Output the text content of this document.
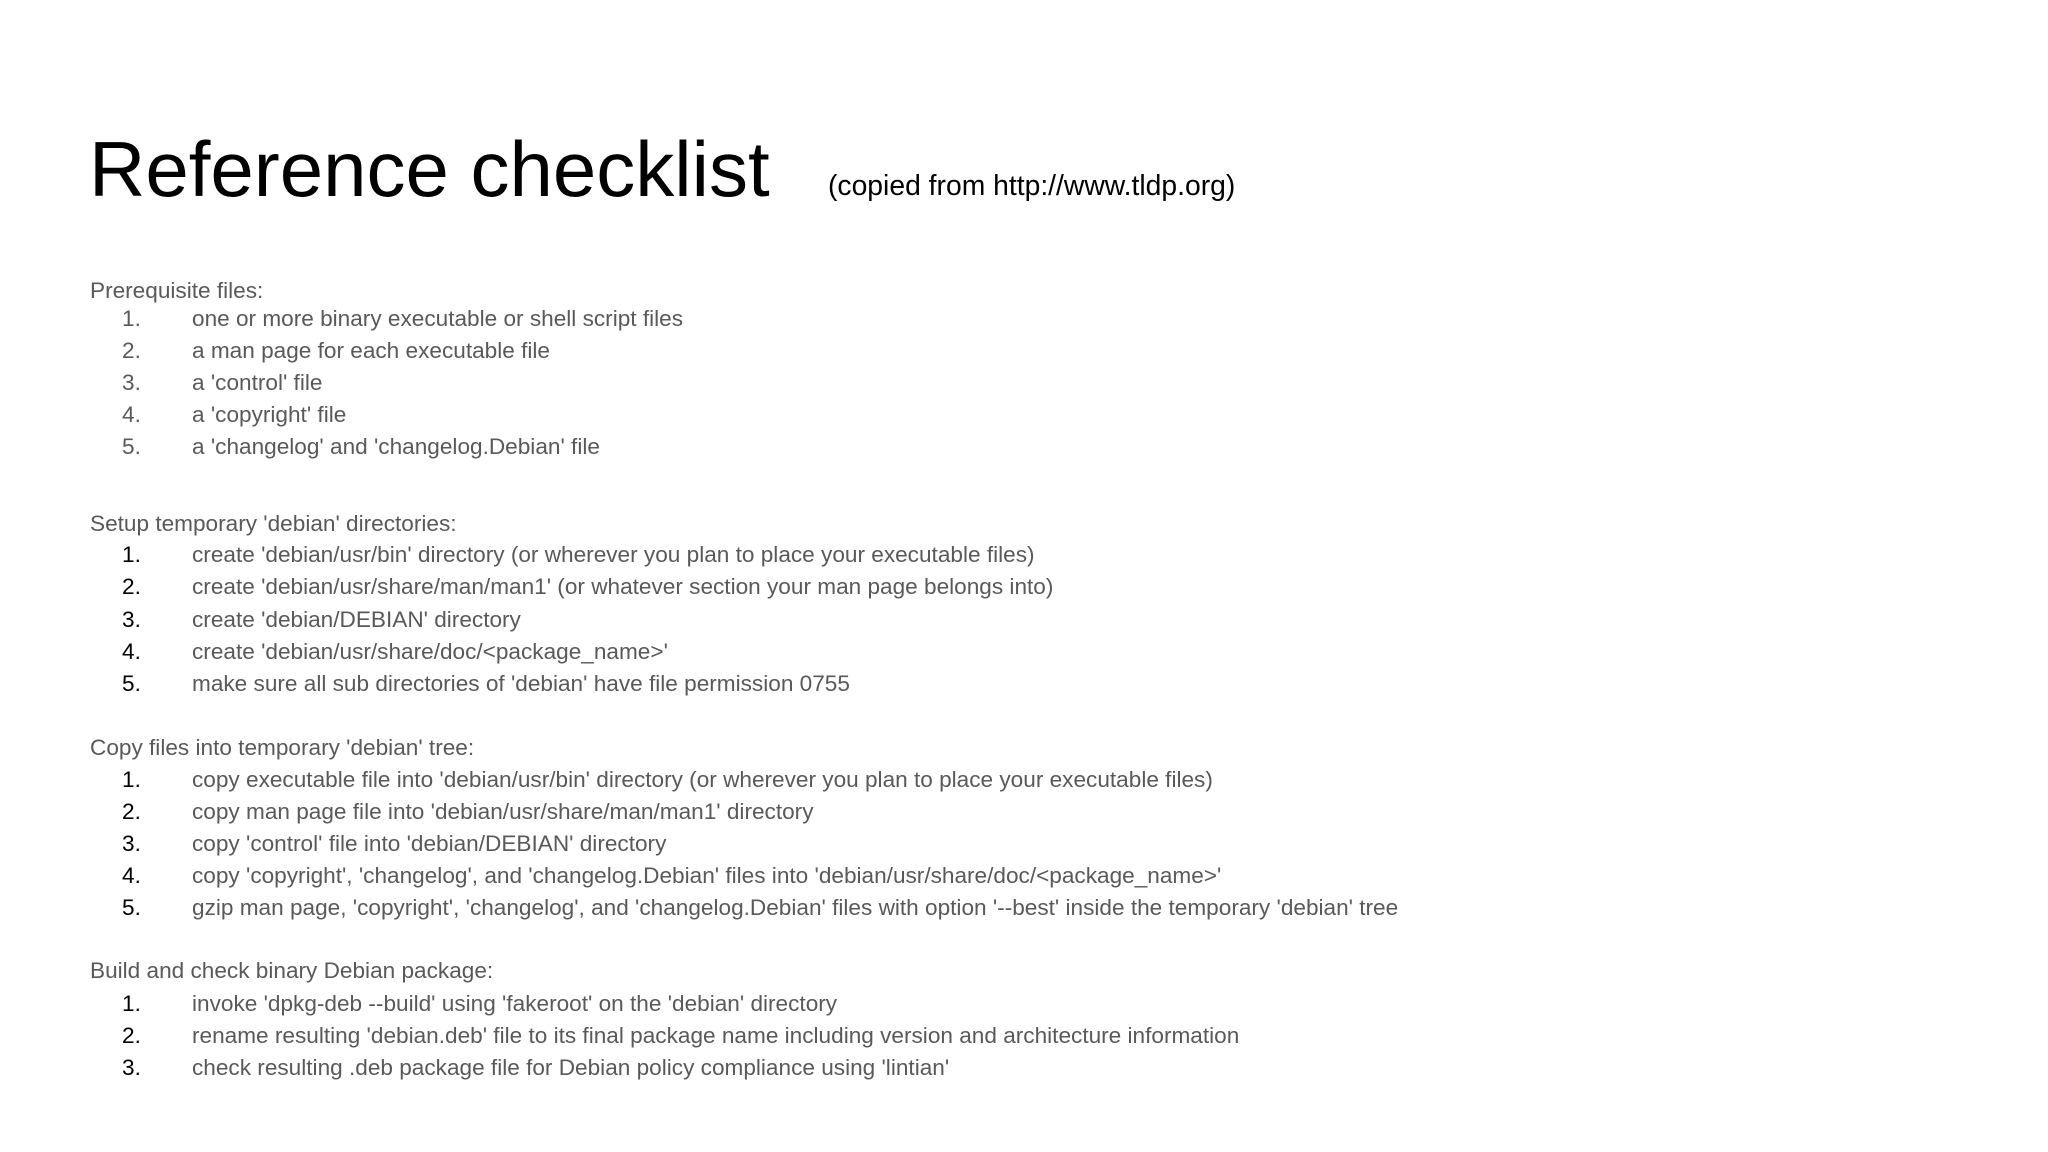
Reference checklist (copied from http://www.tldp.org)
Prerequisite files:
1. one or more binary executable or shell script files
2. a man page for each executable file
3. a 'control' file
4. a 'copyright' file
5. a 'changelog' and 'changelog.Debian' file
Setup temporary 'debian' directories:
1. create 'debian/usr/bin' directory (or wherever you plan to place your executable files)
2. create 'debian/usr/share/man/man1' (or whatever section your man page belongs into)
3. create 'debian/DEBIAN' directory
4. create 'debian/usr/share/doc/<package_name>'
5. make sure all sub directories of 'debian' have file permission 0755
Copy files into temporary 'debian' tree:
1. copy executable file into 'debian/usr/bin' directory (or wherever you plan to place your executable files)
2. copy man page file into 'debian/usr/share/man/man1' directory
3. copy 'control' file into 'debian/DEBIAN' directory
4. copy 'copyright', 'changelog', and 'changelog.Debian' files into 'debian/usr/share/doc/<package_name>'
5. gzip man page, 'copyright', 'changelog', and 'changelog.Debian' files with option '--best' inside the temporary 'debian' tree
Build and check binary Debian package:
1. invoke 'dpkg-deb --build' using 'fakeroot' on the 'debian' directory
2. rename resulting 'debian.deb' file to its final package name including version and architecture information
3. check resulting .deb package file for Debian policy compliance using 'lintian'
